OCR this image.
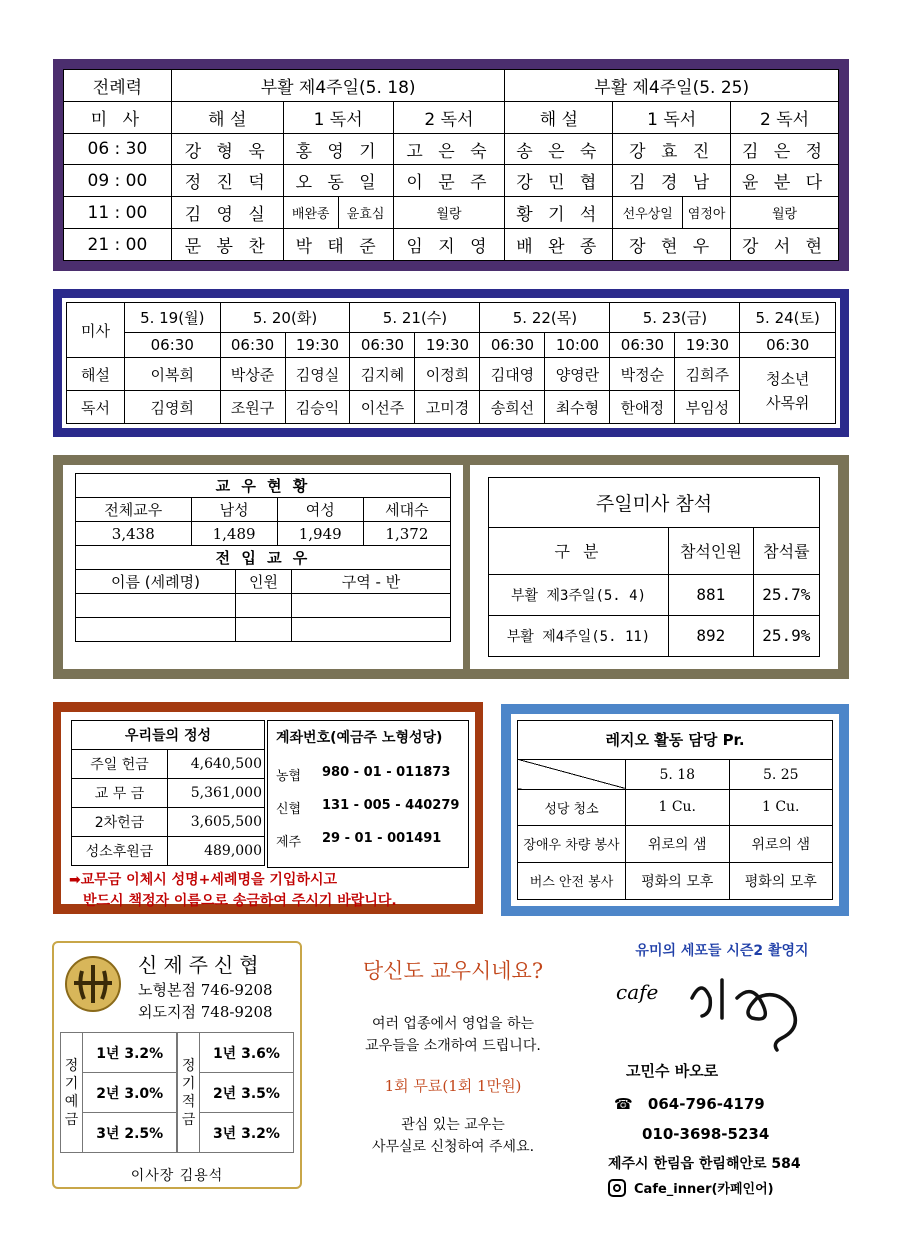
전례력	부활 제4주일(5. 18)				부활 제4주일(5. 25)			
미 사	해 설	1 독서		2 독서	해 설	1 독서		2 독서
06 : 30	강 형 욱	홍 영 기		고 은 숙	송 은 숙	강 효 진		김 은 정
09 : 00	정 진 덕	오 동 일		이 문 주	강 민 협	김 경 남		윤 분 다
11 : 00	김 영 실	배완종	윤효심	월랑	황 기 석	선우상일	염정아	월랑
21 : 00	문 봉 찬	박 태 준		임 지 영	배 완 종	장 현 우		강 서 현
미사	5. 19(월)	5. 20(화)		5. 21(수)		5. 22(목)		5. 23(금)		5. 24(토)
	06:30	06:30	19:30	06:30	19:30	06:30	10:00	06:30	19:30	06:30
해설	이복희	박상준	김영실	김지혜	이정희	김대영	양영란	박정순	김희주	청소년
사목위
독서	김영희	조원구	김승익	이선주	고미경	송희선	최수형	한애정	부임성	
교 우 현 황			
전체교우	남성	여성	세대수
3,438	1,489	1,949	1,372
전 입 교 우		
이름 (세례명)	인원	구역 - 반

주일미사 참석		
구 분	참석인원	참석률
부활 제3주일(5. 4)	881	25.7%
부활 제4주일(5. 11)	892	25.9%
우리들의 정성	
주일 헌금	4,640,500
교 무 금	5,361,000
2차헌금	3,605,500
성소후원금	489,000
계좌번호(예금주 노형성당)
농협	980 - 01 - 011873
신협	131 - 005 - 440279
제주	29 - 01 - 001491
➡교무금 이체시 성명+세례명을 기입하시고
반드시 책정자 이름으로 송금하여 주시기 바랍니다.
레지오 활동 담당 Pr.		
	5. 18	5. 25
성당 청소	1 Cu.	1 Cu.
장애우 차량 봉사	위로의 샘	위로의 샘
버스 안전 봉사	평화의 모후	평화의 모후
신제주신협
노형본점 746-9208
외도지점 748-9208
정기예금	1년 3.2%	정기적금	1년 3.6%
	2년 3.0%		2년 3.5%
	3년 2.5%		3년 3.2%
이사장 김용석
당신도 교우시네요?
여러 업종에서 영업을 하는
교우들을 소개하여 드립니다.
1회 무료(1회 1만원)
관심 있는 교우는
사무실로 신청하여 주세요.
유미의 세포들 시즌2 촬영지
cafe
고민수 바오로
☎ 064-796-4179
010-3698-5234
제주시 한림읍 한림해안로 584
Cafe_inner(카페인어)
